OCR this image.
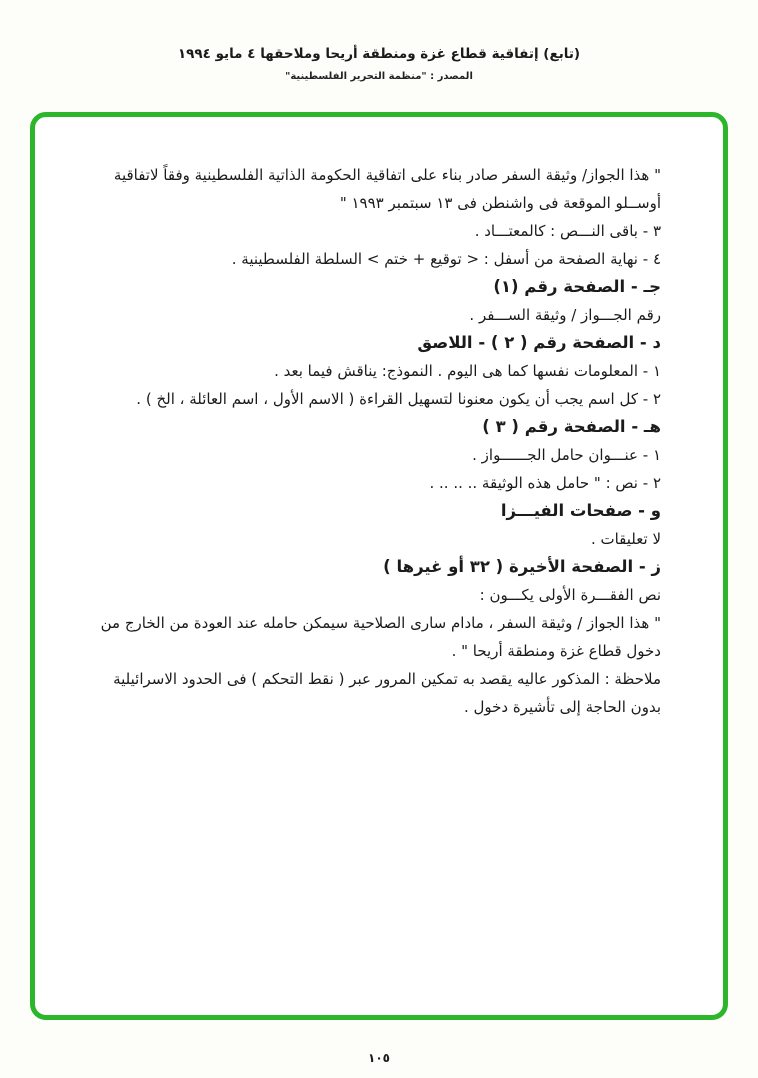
(تابع) إتفاقية قطاع غزة ومنطقة أريحا وملاحقها ٤ مايو ١٩٩٤
المصدر : "منظمة التحرير الفلسطينية"

" هذا الجواز/ وثيقة السفر صادر بناء على اتفاقية الحكومة الذاتية الفلسطينية وفقاً لاتفاقية أوســلو الموقعة فى واشنطن فى ١٣ سبتمبر ١٩٩٣ "

٣ - باقى النـــص : كالمعتـــاد .

٤ - نهاية الصفحة من أسفل : < توقيع + ختم > السلطة الفلسطينية .

جـ - الصفحة رقم (١)

رقم الجـــواز / وثيقة الســـفر .

د - الصفحة رقم ( ٢ ) - اللاصق

١ - المعلومات نفسها كما هى اليوم . النموذج: يناقش فيما بعد .

٢ - كل اسم يجب أن يكون معنونا لتسهيل القراءة ( الاسم الأول ، اسم العائلة ، الخ ) .

هـ - الصفحة رقم ( ٣ )

١ - عنـــوان حامل الجــــــواز .

٢ - نص : " حامل هذه الوثيقة .. .. .. .

و - صفحات الفيـــزا

لا تعليقات .

ز - الصفحة الأخيرة ( ٣٢ أو غيرها )

نص الفقـــرة الأولى يكـــون :

" هذا الجواز / وثيقة السفر ، مادام سارى الصلاحية سيمكن حامله عند العودة من الخارج من دخول قطاع غزة ومنطقة أريحا " .

ملاحظة : المذكور عاليه يقصد به تمكين المرور عبر ( نقط التحكم ) فى الحدود الاسرائيلية بدون الحاجة إلى تأشيرة دخول .

١٠٥
